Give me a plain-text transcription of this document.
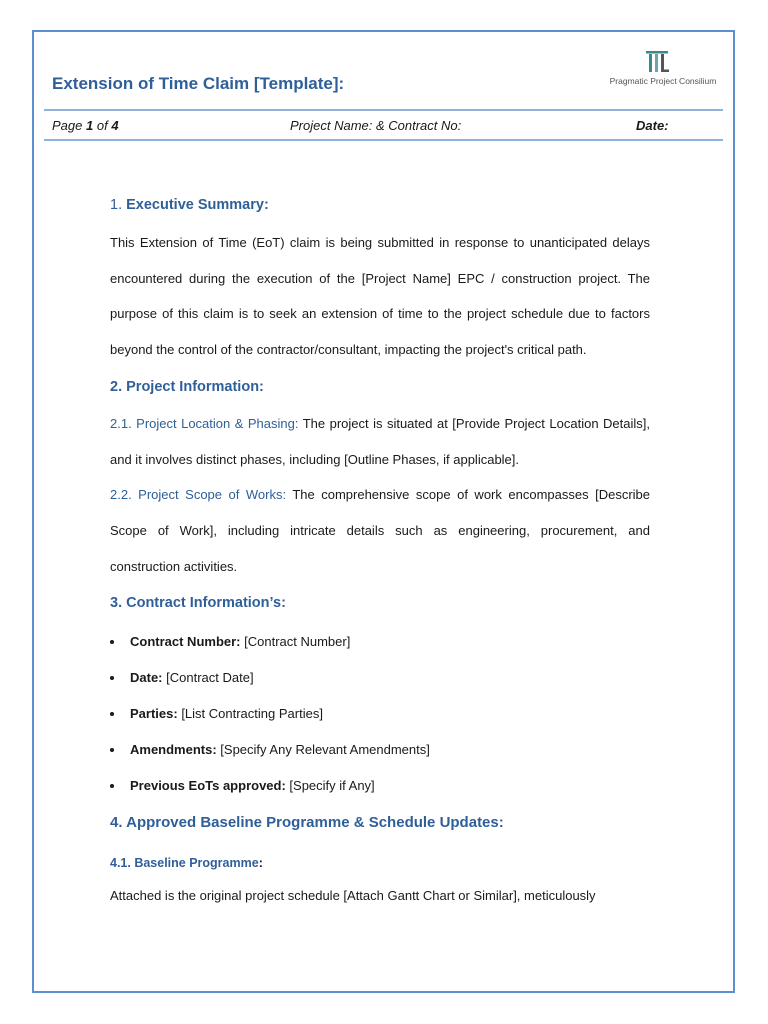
Extension of Time Claim [Template]:	Pragmatic Project Consilium
Page 1 of 4	Project Name: & Contract No:	Date:
1. Executive Summary:

This Extension of Time (EoT) claim is being submitted in response to unanticipated delays encountered during the execution of the [Project Name] EPC / construction project. The purpose of this claim is to seek an extension of time to the project schedule due to factors beyond the control of the contractor/consultant, impacting the project's critical path.

2. Project Information:

2.1. Project Location & Phasing: The project is situated at [Provide Project Location Details], and it involves distinct phases, including [Outline Phases, if applicable].

2.2. Project Scope of Works: The comprehensive scope of work encompasses [Describe Scope of Work], including intricate details such as engineering, procurement, and construction activities.

3. Contract Information’s:
Contract Number: [Contract Number]
Date: [Contract Date]
Parties: [List Contracting Parties]
Amendments: [Specify Any Relevant Amendments]
Previous EoTs approved: [Specify if Any]
4. Approved Baseline Programme & Schedule Updates:
4.1. Baseline Programme:

Attached is the original project schedule [Attach Gantt Chart or Similar], meticulously
